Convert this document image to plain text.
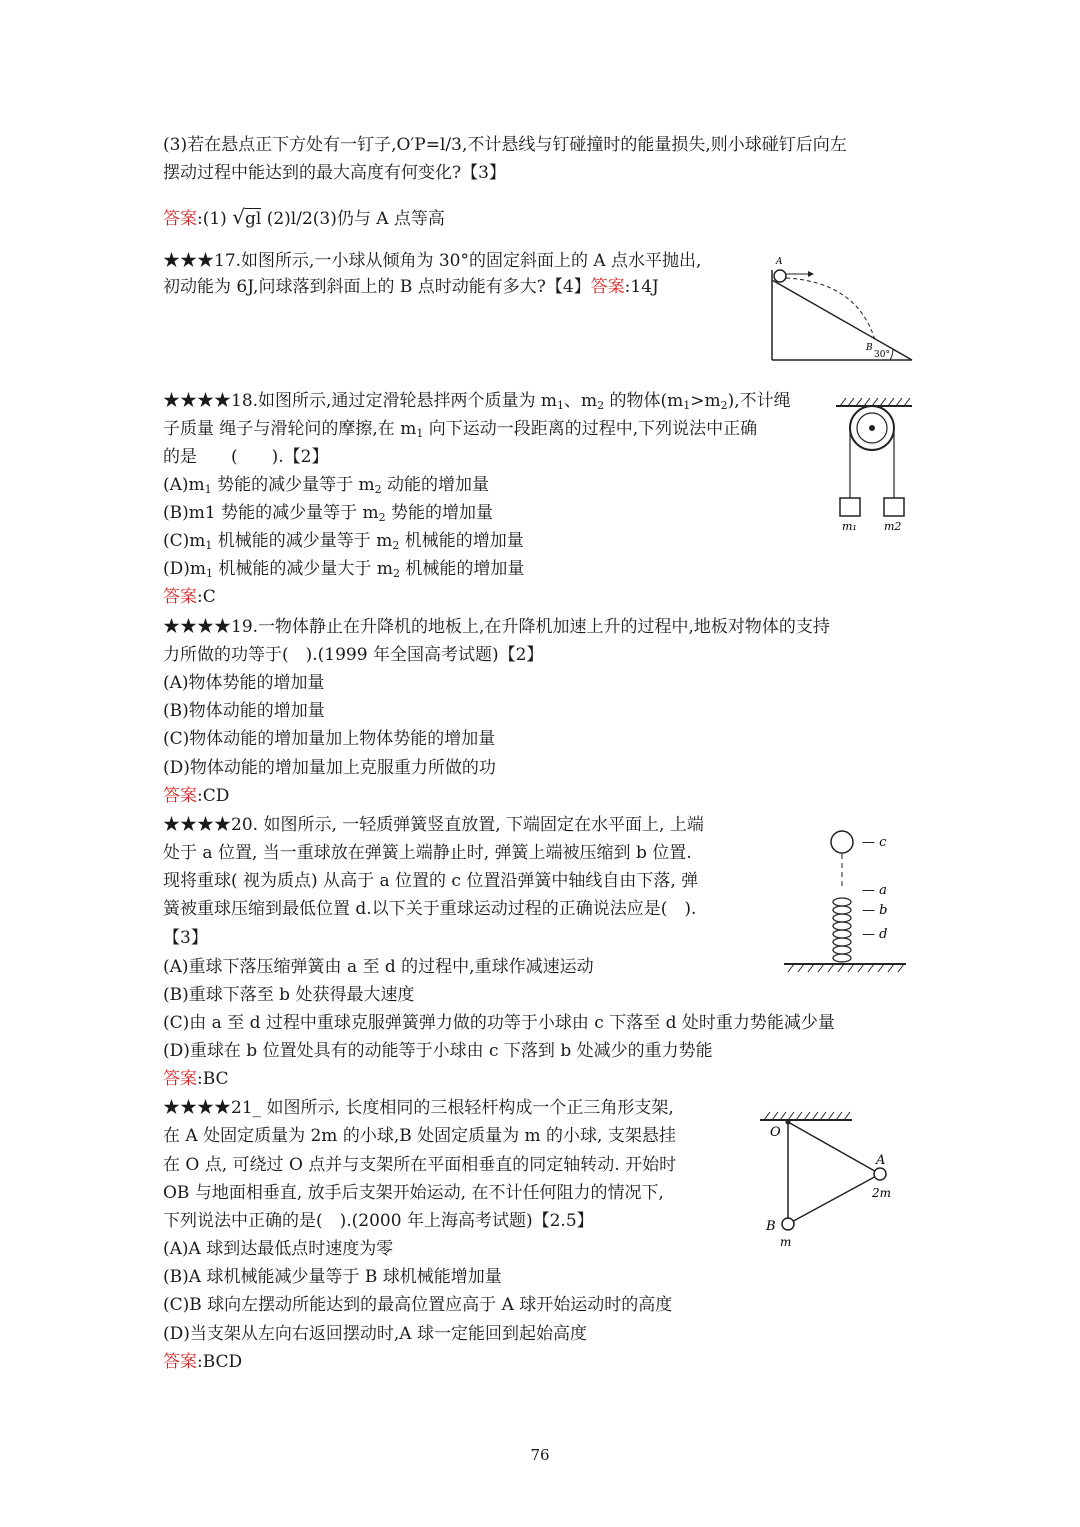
(3)若在悬点正下方处有一钉子,O′P=l/3,不计悬线与钉碰撞时的能量损失,则小球碰钉后向左
摆动过程中能达到的最大高度有何变化?【3】
答案:(1) √gl (2)l/2(3)仍与 A 点等高
★★★17.如图所示,一小球从倾角为 30°的固定斜面上的 A 点水平抛出,
初动能为 6J,问球落到斜面上的 B 点时动能有多大?【4】答案:14J
A
B
30°
★★★★18.如图所示,通过定滑轮悬拌两个质量为 $m_1$、$m_2$ 的物体$(m_1>m_2)$,不计绳
子质量 绳子与滑轮问的摩擦,在 $m_1$ 向下运动一段距离的过程中,下列说法中正确
的是　　(　　).【2】
$(A)m_1$ 势能的减少量等于 $m_2$ 动能的增加量
(B)m1 势能的减少量等于 $m_2$ 势能的增加量
$(C)m_1$ 机械能的减少量等于 $m_2$ 机械能的增加量
$(D)m_1$ 机械能的减少量大于 $m_2$ 机械能的增加量
答案:C
m₁ m2
★★★★19.一物体静止在升降机的地板上,在升降机加速上升的过程中,地板对物体的支持
力所做的功等于(　).(1999 年全国高考试题)【2】
(A)物体势能的增加量
(B)物体动能的增加量
(C)物体动能的增加量加上物体势能的增加量
(D)物体动能的增加量加上克服重力所做的功
答案:CD
★★★★20. 如图所示, 一轻质弹簧竖直放置, 下端固定在水平面上, 上端
处于 a 位置, 当一重球放在弹簧上端静止时, 弹簧上端被压缩到 b 位置.
现将重球( 视为质点) 从高于 a 位置的 c 位置沿弹簧中轴线自由下落, 弹
簧被重球压缩到最低位置 d.以下关于重球运动过程的正确说法应是(　).
【3】
(A)重球下落压缩弹簧由 a 至 d 的过程中,重球作减速运动
(B)重球下落至 b 处获得最大速度
(C)由 a 至 d 过程中重球克服弹簧弹力做的功等于小球由 c 下落至 d 处时重力势能减少量
(D)重球在 b 位置处具有的动能等于小球由 c 下落到 b 处减少的重力势能
答案:BC
— c
— a
— b
— d
★★★★21_ 如图所示, 长度相同的三根轻杆构成一个正三角形支架,
在 A 处固定质量为 2m 的小球,B 处固定质量为 m 的小球, 支架悬挂
在 O 点, 可绕过 O 点并与支架所在平面相垂直的同定轴转动. 开始时
OB 与地面相垂直, 放手后支架开始运动, 在不计任何阻力的情况下,
下列说法中正确的是(　).(2000 年上海高考试题)【2.5】
(A)A 球到达最低点时速度为零
(B)A 球机械能减少量等于 B 球机械能增加量
(C)B 球向左摆动所能达到的最高位置应高于 A 球开始运动时的高度
(D)当支架从左向右返回摆动时,A 球一定能回到起始高度
答案:BCD
O
A
2m
B
m
76
